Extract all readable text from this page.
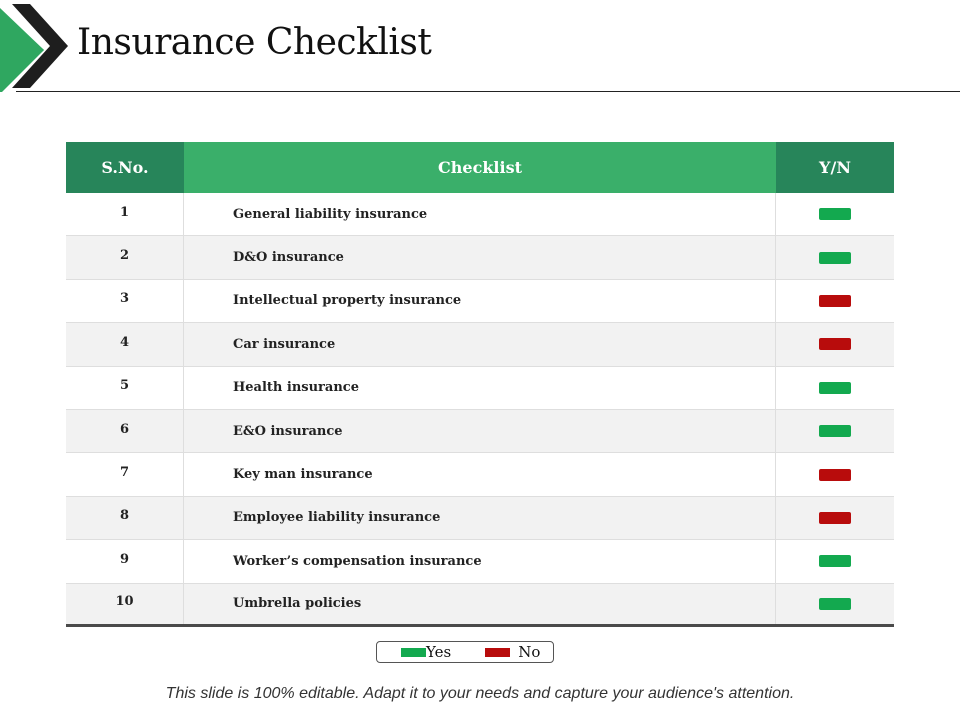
Insurance Checklist
S.No.	Checklist	Y/N
1	General liability insurance
2	D&O insurance
3	Intellectual property insurance
4	Car insurance
5	Health insurance
6	E&O insurance
7	Key man insurance
8	Employee liability insurance
9	Worker’s compensation insurance
10	Umbrella policies
Yes	No
This slide is 100% editable. Adapt it to your needs and capture your audience's attention.
